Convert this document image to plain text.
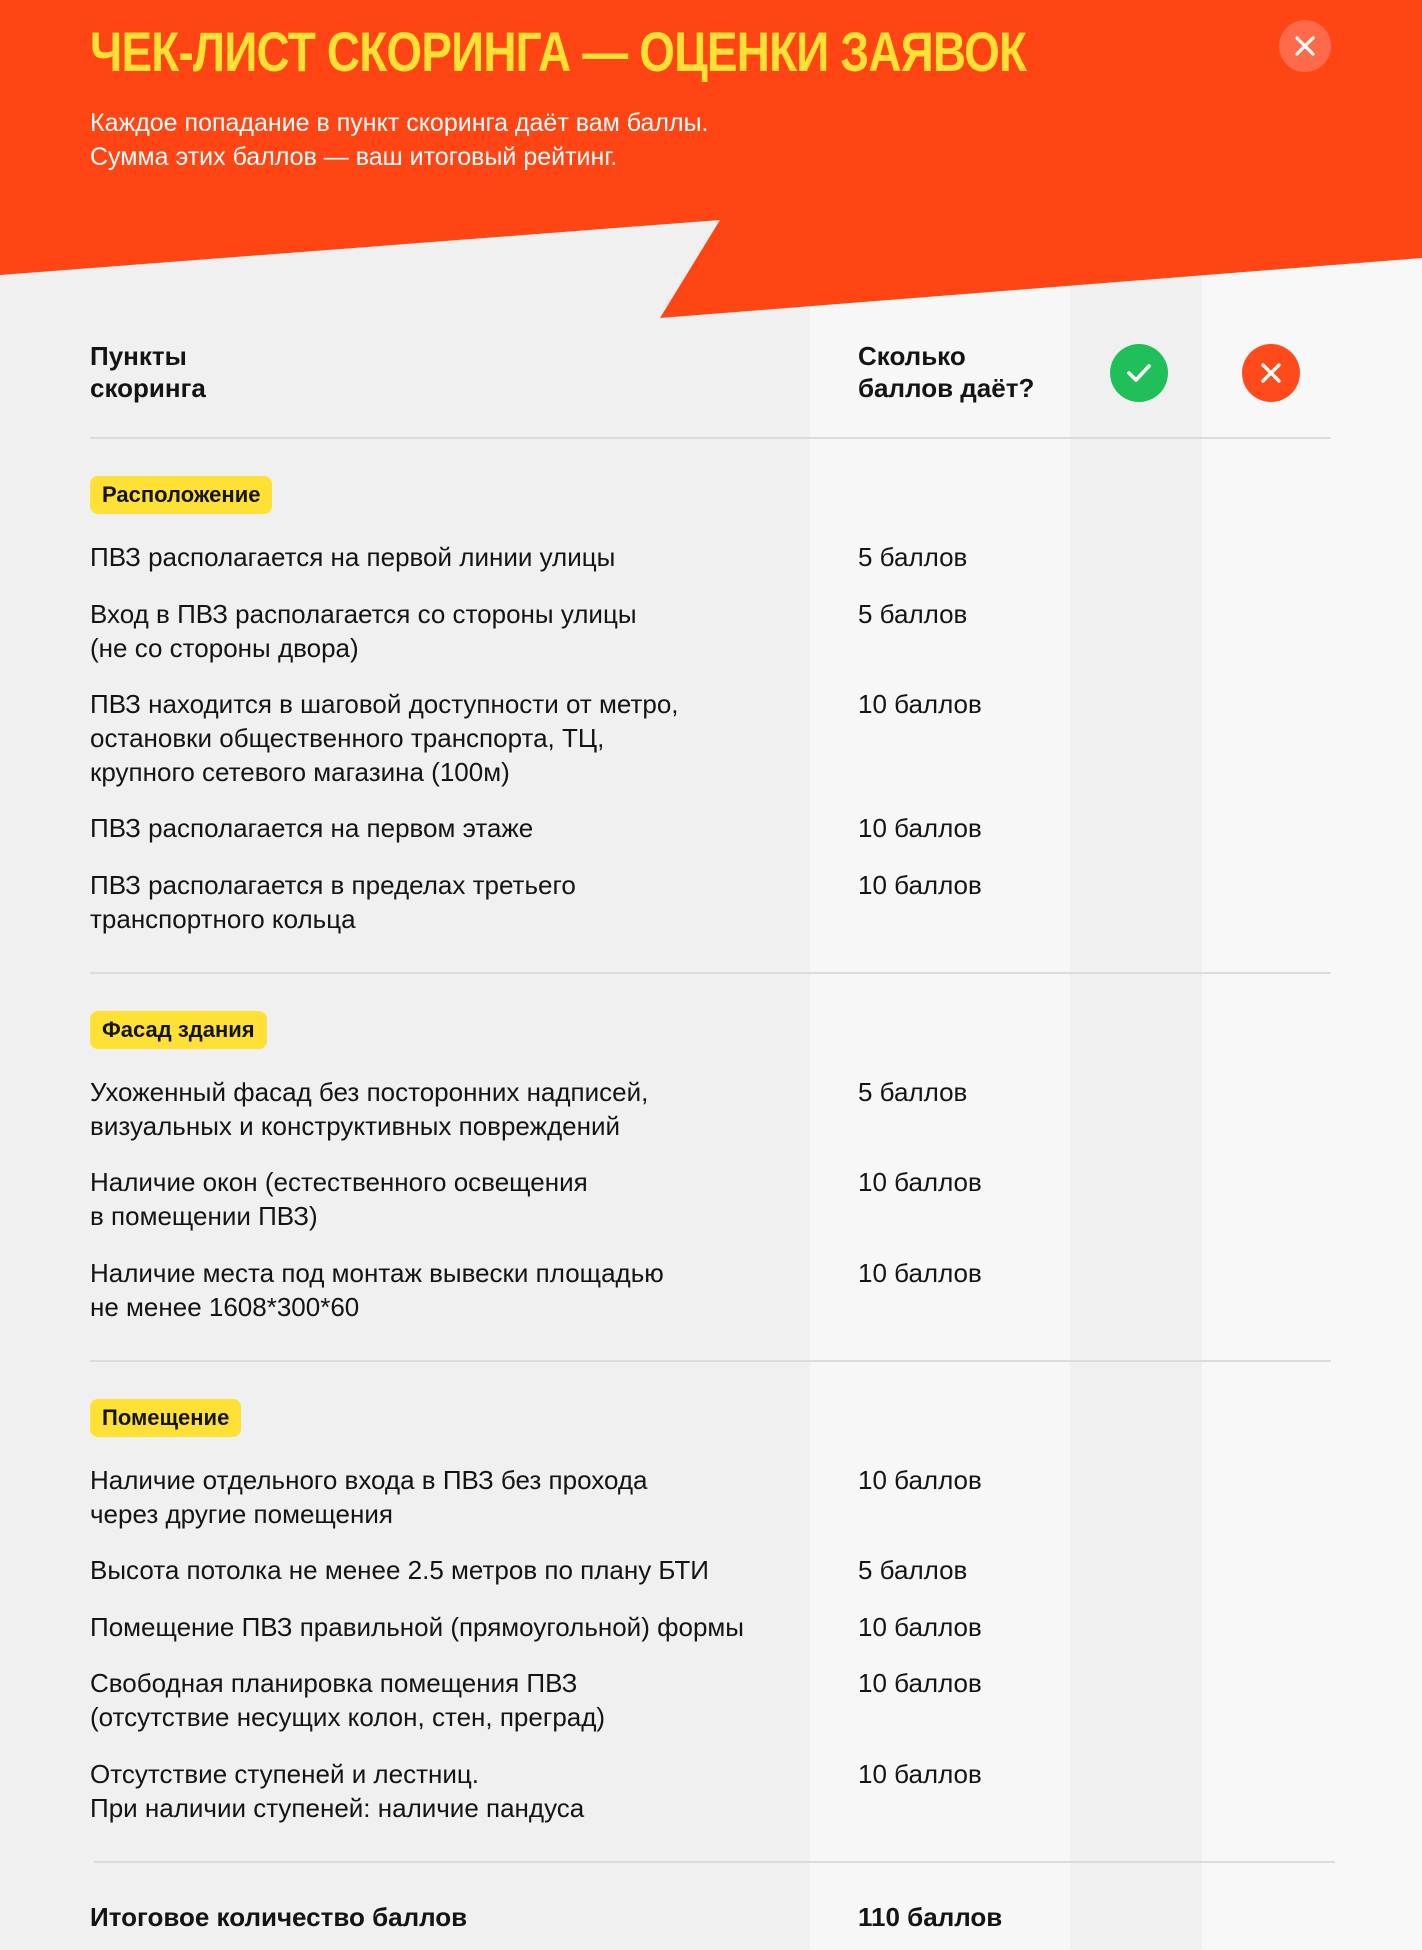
ЧЕК-ЛИСТ СКОРИНГА — ОЦЕНКИ ЗАЯВОК

Каждое попадание в пункт скоринга даёт вам баллы.
Сумма этих баллов — ваш итоговый рейтинг.

Пункты
скоринга
Сколько
баллов даёт?
Расположение
ПВЗ располагается на первой линии улицы	5 баллов
Вход в ПВЗ располагается со стороны улицы
(не со стороны двора)
5 баллов
ПВЗ находится в шаговой доступности от метро,
остановки общественного транспорта, ТЦ,
крупного сетевого магазина (100м)
10 баллов
ПВЗ располагается на первом этаже	10 баллов
ПВЗ располагается в пределах третьего
транспортного кольца
10 баллов
Фасад здания
Ухоженный фасад без посторонних надписей,
визуальных и конструктивных повреждений
5 баллов
Наличие окон (естественного освещения
в помещении ПВЗ)
10 баллов
Наличие места под монтаж вывески площадью
не менее 1608*300*60
10 баллов
Помещение
Наличие отдельного входа в ПВЗ без прохода
через другие помещения
10 баллов
Высота потолка не менее 2.5 метров по плану БТИ	5 баллов
Помещение ПВЗ правильной (прямоугольной) формы	10 баллов
Свободная планировка помещения ПВЗ
(отсутствие несущих колон, стен, преград)
10 баллов
Отсутствие ступеней и лестниц.
При наличии ступеней: наличие пандуса
10 баллов
Итоговое количество баллов	110 баллов
